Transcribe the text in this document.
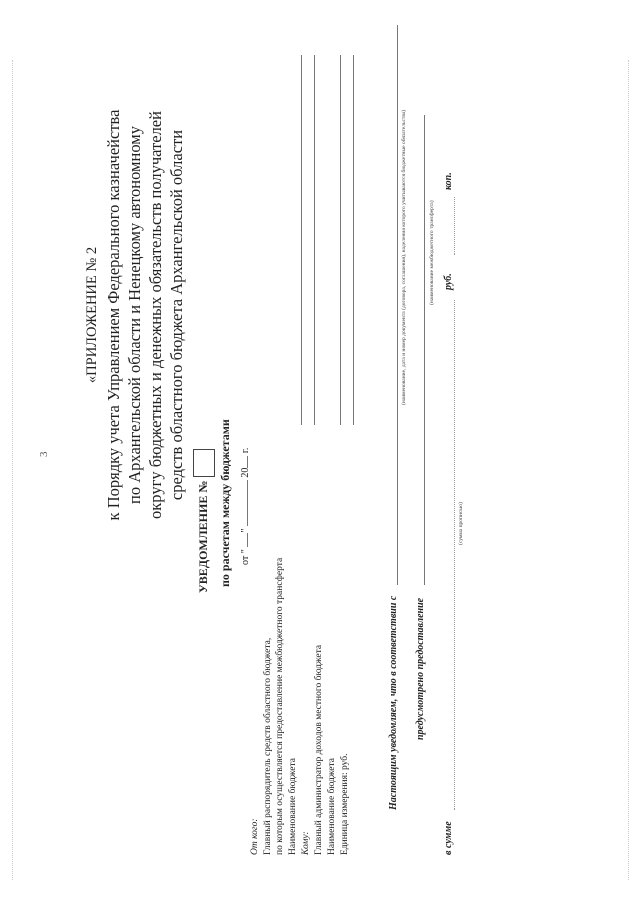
3
«ПРИЛОЖЕНИЕ № 2 к Порядку учета Управлением Федерального казначейства по Архангельской области и Ненецкому автономному округу бюджетных и денежных обязательств получателей средств областного бюджета Архангельской области
УВЕДОМЛЕНИЕ № по расчетам между бюджетами от " "  20 г.
От кого: Главный распорядитель средств областного бюджета, по которым осуществляется предоставление межбюджетного трансферта Наименование бюджета Кому: Главный администратор доходов местного бюджета Наименование бюджета Единица измерения: руб.	Настоящим уведомляем, что в соответствии с
(наименование, дата и номер документа (договора, соглашения), наделения которого учитываются бюджетные обязательства)
предусмотрено предоставление
(наименование межбюджетного трансферта)
в сумме
руб.
коп.
(сумма прописью)
